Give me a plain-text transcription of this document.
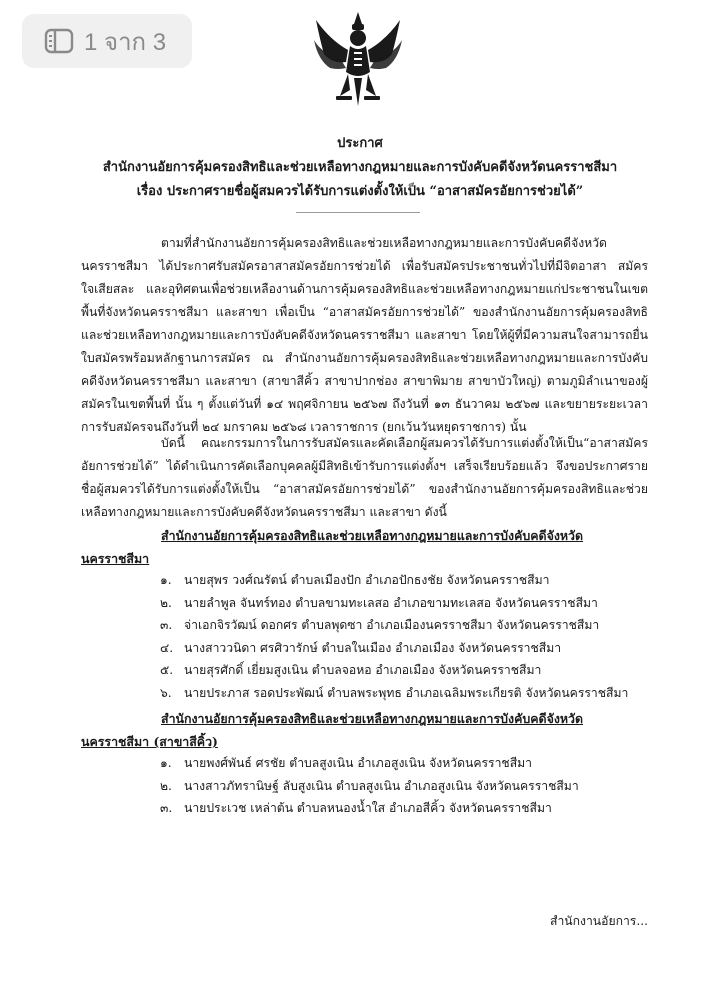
1 จาก 3
ประกาศ
สำนักงานอัยการคุ้มครองสิทธิและช่วยเหลือทางกฎหมายและการบังคับคดีจังหวัดนครราชสีมา
เรื่อง ประกาศรายชื่อผู้สมควรได้รับการแต่งตั้งให้เป็น “อาสาสมัครอัยการช่วยได้”

ตามที่สำนักงานอัยการคุ้มครองสิทธิและช่วยเหลือทางกฎหมายและการบังคับคดีจังหวัดนครราชสีมา ได้ประกาศรับสมัครอาสาสมัครอัยการช่วยได้ เพื่อรับสมัครประชาชนทั่วไปที่มีจิตอาสา สมัครใจเสียสละ และอุทิศตนเพื่อช่วยเหลืองานด้านการคุ้มครองสิทธิและช่วยเหลือทางกฎหมายแก่ประชาชนในเขตพื้นที่จังหวัดนครราชสีมา และสาขา เพื่อเป็น “อาสาสมัครอัยการช่วยได้” ของสำนักงานอัยการคุ้มครองสิทธิและช่วยเหลือทางกฎหมายและการบังคับคดีจังหวัดนครราชสีมา และสาขา โดยให้ผู้ที่มีความสนใจสามารถยื่นใบสมัครพร้อมหลักฐานการสมัคร ณ สำนักงานอัยการคุ้มครองสิทธิและช่วยเหลือทางกฎหมายและการบังคับคดีจังหวัดนครราชสีมา และสาขา (สาขาสีคิ้ว สาขาปากช่อง สาขาพิมาย สาขาบัวใหญ่) ตามภูมิลำเนาของผู้สมัครในเขตพื้นที่ นั้น ๆ ตั้งแต่วันที่ ๑๔ พฤศจิกายน ๒๕๖๗ ถึงวันที่ ๑๓ ธันวาคม ๒๕๖๗ และขยายระยะเวลาการรับสมัครจนถึงวันที่ ๒๔ มกราคม ๒๕๖๘ เวลาราชการ (ยกเว้นวันหยุดราชการ) นั้น

บัดนี้ คณะกรรมการในการรับสมัครและคัดเลือกผู้สมควรได้รับการแต่งตั้งให้เป็น“อาสาสมัครอัยการช่วยได้” ได้ดำเนินการคัดเลือกบุคคลผู้มีสิทธิเข้ารับการแต่งตั้งฯ เสร็จเรียบร้อยแล้ว จึงขอประกาศรายชื่อผู้สมควรได้รับการแต่งตั้งให้เป็น “อาสาสมัครอัยการช่วยได้” ของสำนักงานอัยการคุ้มครองสิทธิและช่วยเหลือทางกฎหมายและการบังคับคดีจังหวัดนครราชสีมา และสาขา ดังนี้

สำนักงานอัยการคุ้มครองสิทธิและช่วยเหลือทางกฎหมายและการบังคับคดีจังหวัด
นครราชสีมา
๑.	นายสุพร วงศ์ณรัตน์ ตำบลเมืองปัก อำเภอปักธงชัย จังหวัดนครราชสีมา
๒. นายลำพูล จันทร์ทอง ตำบลขามทะเลสอ อำเภอขามทะเลสอ จังหวัดนครราชสีมา
๓. จ่าเอกจิรวัฒน์ ดอกศร ตำบลพุดซา อำเภอเมืองนครราชสีมา จังหวัดนครราชสีมา
๔. นางสาววนิดา ศรศิวารักษ์ ตำบลในเมือง อำเภอเมือง จังหวัดนครราชสีมา
๕. นายสุรศักดิ์ เยี่ยมสูงเนิน ตำบลจอหอ อำเภอเมือง จังหวัดนครราชสีมา
๖.	นายประภาส รอดประพัฒน์ ตำบลพระพุทธ อำเภอเฉลิมพระเกียรติ จังหวัดนครราชสีมา
สำนักงานอัยการคุ้มครองสิทธิและช่วยเหลือทางกฎหมายและการบังคับคดีจังหวัด
นครราชสีมา (สาขาสีคิ้ว)
๑.	นายพงศ์พันธ์ ศรชัย ตำบลสูงเนิน อำเภอสูงเนิน จังหวัดนครราชสีมา
๒. นางสาวภัทรานิษฐ์ ลับสูงเนิน ตำบลสูงเนิน อำเภอสูงเนิน จังหวัดนครราชสีมา
๓. นายประเวช เหล่าต้น ตำบลหนองน้ำใส อำเภอสีคิ้ว จังหวัดนครราชสีมา
สำนักงานอัยการ...
